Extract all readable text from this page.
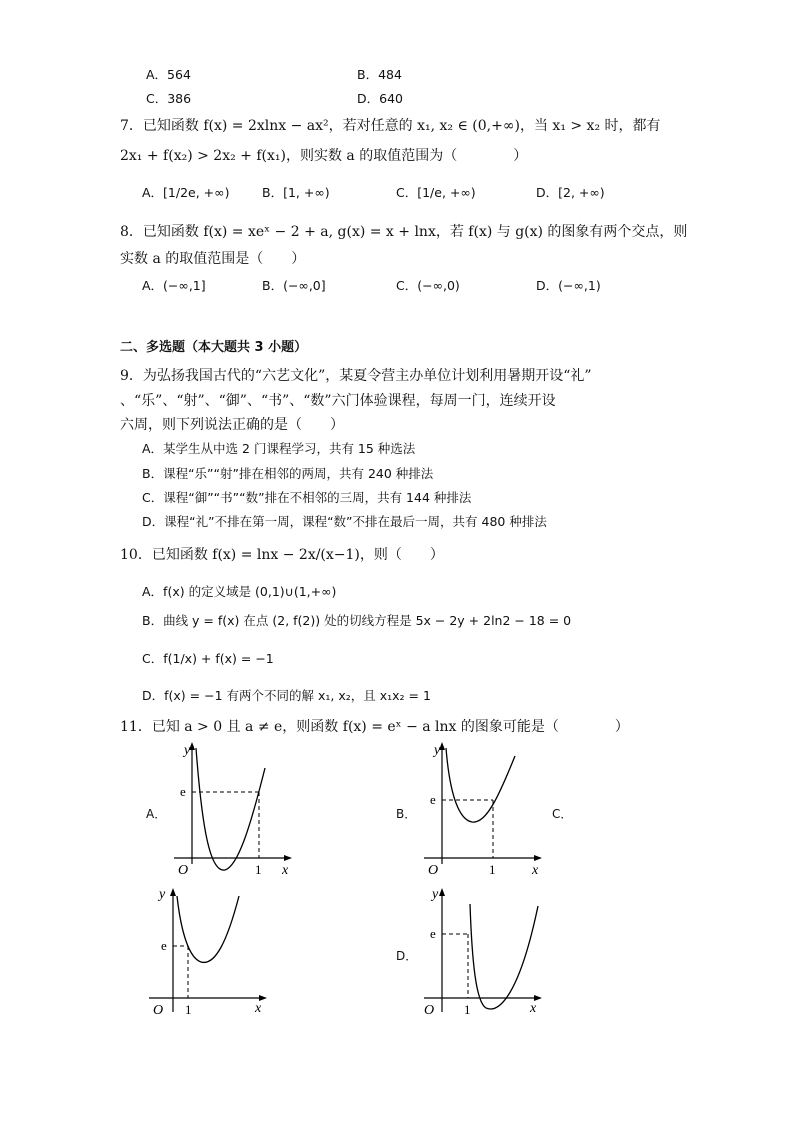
A．564	B．484
C．386	D．640
7．已知函数 f(x) = 2xlnx − ax²，若对任意的 x₁, x₂ ∈ (0,+∞)，当 x₁ > x₂ 时，都有
2x₁ + f(x₂) > 2x₂ + f(x₁)，则实数 a 的取值范围为（　　　　）
A．[1/2e, +∞)	B．[1, +∞)	C．[1/e, +∞)	D．[2, +∞)
8．已知函数 f(x) = xeˣ − 2 + a, g(x) = x + lnx，若 f(x) 与 g(x) 的图象有两个交点，则
实数 a 的取值范围是（　　）
A．(−∞,1]	B．(−∞,0]	C．(−∞,0)	D．(−∞,1)
二、多选题（本大题共 3 小题）
9．为弘扬我国古代的“六艺文化”，某夏令营主办单位计划利用暑期开设“礼”
、“乐”、“射”、“御”、“书”、“数”六门体验课程，每周一门，连续开设
六周，则下列说法正确的是（　　）
A．某学生从中选 2 门课程学习，共有 15 种选法
B．课程“乐”“射”排在相邻的两周，共有 240 种排法
C．课程“御”“书”“数”排在不相邻的三周，共有 144 种排法
D．课程“礼”不排在第一周，课程“数”不排在最后一周，共有 480 种排法
10．已知函数 f(x) = lnx − 2x/(x−1)，则（　　）
A．f(x) 的定义域是 (0,1)∪(1,+∞)
B．曲线 y = f(x) 在点 (2, f(2)) 处的切线方程是 5x − 2y + 2ln2 − 18 = 0
C．f(1/x) + f(x) = −1
D．f(x) = −1 有两个不同的解 x₁, x₂，且 x₁x₂ = 1
11．已知 a > 0 且 a ≠ e，则函数 f(x) = eˣ − a lnx 的图象可能是（　　　　）
A．	B．	C．
D．
y
x
O	1
e
y
x
O	1
e
y
x
O 1
e
y
x
O 1
e
